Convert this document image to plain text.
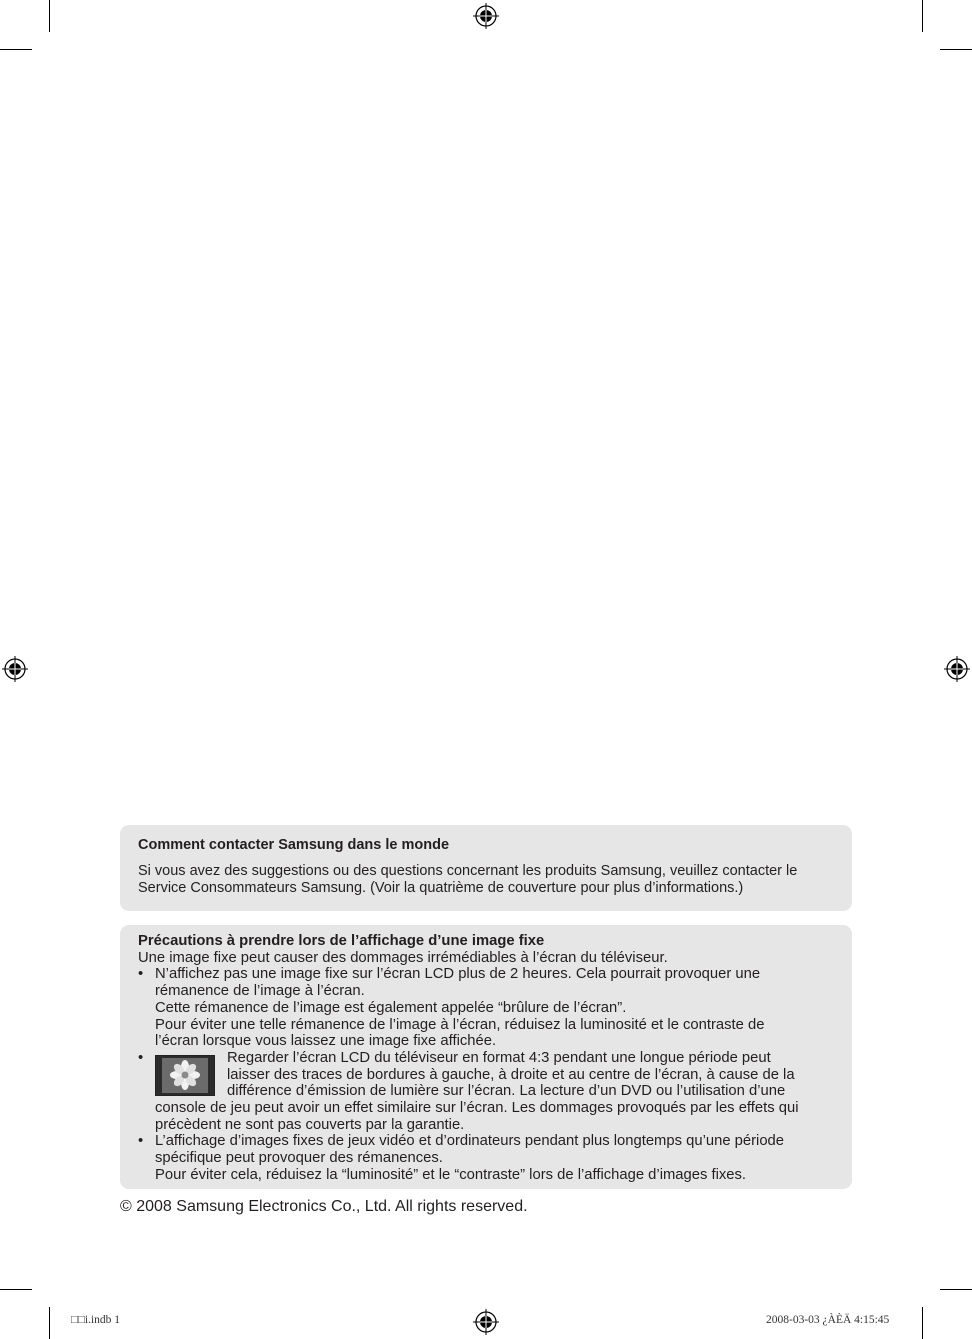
Comment contacter Samsung dans le monde
Si vous avez des suggestions ou des questions concernant les produits Samsung, veuillez contacter le
Service Consommateurs Samsung. (Voir la quatrième de couverture pour plus d’informations.)
Précautions à prendre lors de l’affichage d’une image fixe
Une image fixe peut causer des dommages irrémédiables à l’écran du téléviseur.
• N’affichez pas une image fixe sur l’écran LCD plus de 2 heures. Cela pourrait provoquer une
rémanence de l’image à l’écran.
Cette rémanence de l’image est également appelée “brûlure de l’écran”.
Pour éviter une telle rémanence de l’image à l’écran, réduisez la luminosité et le contraste de
l’écran lorsque vous laissez une image fixe affichée.
•	Regarder l’écran LCD du téléviseur en format 4:3 pendant une longue période peut
laisser des traces de bordures à gauche, à droite et au centre de l’écran, à cause de la
différence d’émission de lumière sur l’écran. La lecture d’un DVD ou l’utilisation d’une
console de jeu peut avoir un effet similaire sur l’écran. Les dommages provoqués par les effets qui
précèdent ne sont pas couverts par la garantie.
• L’affichage d’images fixes de jeux vidéo et d’ordinateurs pendant plus longtemps qu’une période
spécifique peut provoquer des rémanences.
Pour éviter cela, réduisez la “luminosité” et le “contraste” lors de l’affichage d’images fixes.
© 2008 Samsung Electronics Co., Ltd. All rights reserved.
□□i.indb 1	2008-03-03 ¿ÀÈÄ 4:15:45
